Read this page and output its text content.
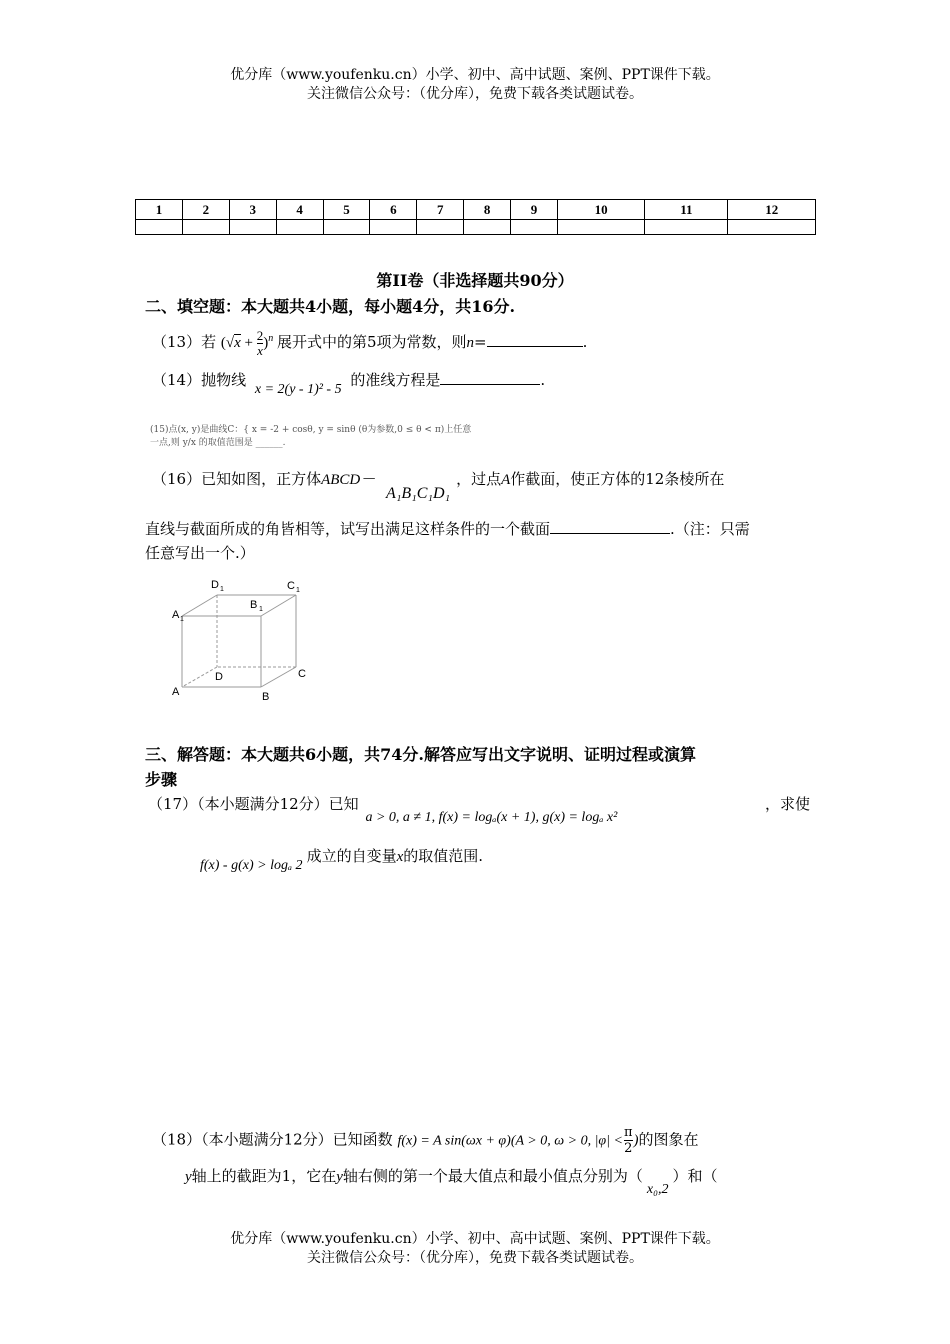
优分库（www.youfenku.cn）小学、初中、高中试题、案例、PPT课件下载。
关注微信公众号：（优分库），免费下载各类试题试卷。
1	2	3	4	5	6	7	8	9	10	11	12

第II卷（非选择题共90分）
二、填空题：本大题共4小题，每小题4分，共16分.
（13）若 $(√x + \frac{2}{x} )^n$ 展开式中的第5项为常数，则n=	.
（14）抛物线 x = 2(y - 1)² - 5 的准线方程是	.
(15)点(x, y)是曲线C：{ x = -2 + cosθ, y = sinθ (θ为参数,0 ≤ θ < π)上任意
一点,则 y/x 的取值范围是 ______.
（16）已知如图，正方体ABCD－ A₁B₁C₁D₁，过点A作截面，使正方体的12条棱所在
直线与截面所成的角皆相等，试写出满足这样条件的一个截面	.（注：只需
任意写出一个.）
D 1	C 1
B 1
A 1
D	C
B
A
三、解答题：本大题共6小题，共74分.解答应写出文字说明、证明过程或演算
步骤
（17）（本小题满分12分）已知 a > 0, a ≠ 1, f(x) = logₐ(x + 1), g(x) = logₐ x²
，求使
f(x) - g(x) > logₐ 2成立的自变量x的取值范围.
（18）（本小题满分12分）已知函数 f(x) = A sin(ωx + φ)(A > 0, ω > 0, $|\varphi| < \frac{\pi}{2}$ )的图象在
y轴上的截距为1，它在y轴右侧的第一个最大值点和最小值点分别为（x₀,2）和（
优分库（www.youfenku.cn）小学、初中、高中试题、案例、PPT课件下载。
关注微信公众号：（优分库），免费下载各类试题试卷。
